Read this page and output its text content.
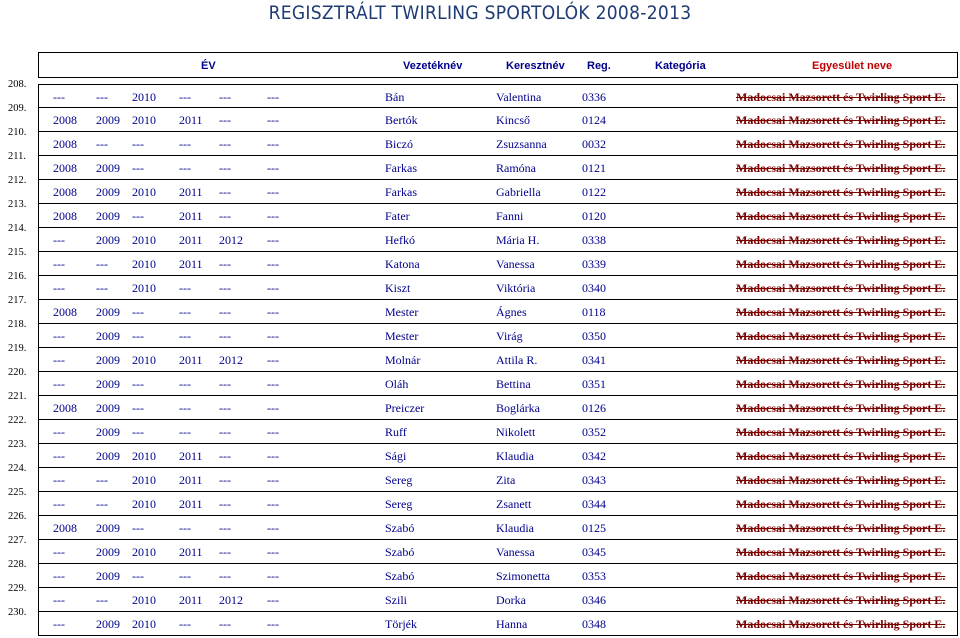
REGISZTRÁLT TWIRLING SPORTOLÓK 2008-2013
ÉV	Vezetéknév	Keresztnév Reg.	Kategória	Egyesület neve
208.
---	--- 2010 --- ---	---	Bán	Valentina	0336	Madocsai Mazsorett és Twirling Sport E.
209.
2008 2009 2010 2011 ---	---	Bertók	Kincső	0124	Madocsai Mazsorett és Twirling Sport E.
210.
2008 --- ---	--- ---	---	Biczó	Zsuzsanna	0032	Madocsai Mazsorett és Twirling Sport E.
211.
2008 2009 ---	--- ---	---	Farkas	Ramóna	0121	Madocsai Mazsorett és Twirling Sport E.
212.
2008 2009 2010 2011 ---	---	Farkas	Gabriella	0122	Madocsai Mazsorett és Twirling Sport E.
213.
2008 2009 ---	2011 ---	---	Fater	Fanni	0120	Madocsai Mazsorett és Twirling Sport E.
214.
---	2009 2010 2011 2012 ---	Hefkó	Mária H.	0338	Madocsai Mazsorett és Twirling Sport E.
215.
---	--- 2010 2011 ---	---	Katona	Vanessa	0339	Madocsai Mazsorett és Twirling Sport E.
216.
---	--- 2010 --- ---	---	Kiszt	Viktória	0340	Madocsai Mazsorett és Twirling Sport E.
217.
2008 2009 ---	--- ---	---	Mester	Ágnes	0118	Madocsai Mazsorett és Twirling Sport E.
218.
---	2009 ---	--- ---	---	Mester	Virág	0350	Madocsai Mazsorett és Twirling Sport E.
219.
---	2009 2010 2011 2012 ---	Molnár	Attila R.	0341	Madocsai Mazsorett és Twirling Sport E.
220.
---	2009 ---	--- ---	---	Oláh	Bettina	0351	Madocsai Mazsorett és Twirling Sport E.
221.
2008 2009 ---	--- ---	---	Preiczer	Boglárka	0126	Madocsai Mazsorett és Twirling Sport E.
222.
---	2009 ---	--- ---	---	Ruff	Nikolett	0352	Madocsai Mazsorett és Twirling Sport E.
223.
---	2009 2010 2011 ---	---	Sági	Klaudia	0342	Madocsai Mazsorett és Twirling Sport E.
224.
---	--- 2010 2011 ---	---	Sereg	Zita	0343	Madocsai Mazsorett és Twirling Sport E.
225.
---	--- 2010 2011 ---	---	Sereg	Zsanett	0344	Madocsai Mazsorett és Twirling Sport E.
226.
2008 2009 ---	--- ---	---	Szabó	Klaudia	0125	Madocsai Mazsorett és Twirling Sport E.
227.
---	2009 2010 2011 ---	---	Szabó	Vanessa	0345	Madocsai Mazsorett és Twirling Sport E.
228.
---	2009 ---	--- ---	---	Szabó	Szimonetta	0353	Madocsai Mazsorett és Twirling Sport E.
229.
---	--- 2010 2011 2012 ---	Szili	Dorka	0346	Madocsai Mazsorett és Twirling Sport E.
230.
---	2009 2010 --- ---	---	Törjék	Hanna	0348	Madocsai Mazsorett és Twirling Sport E.
